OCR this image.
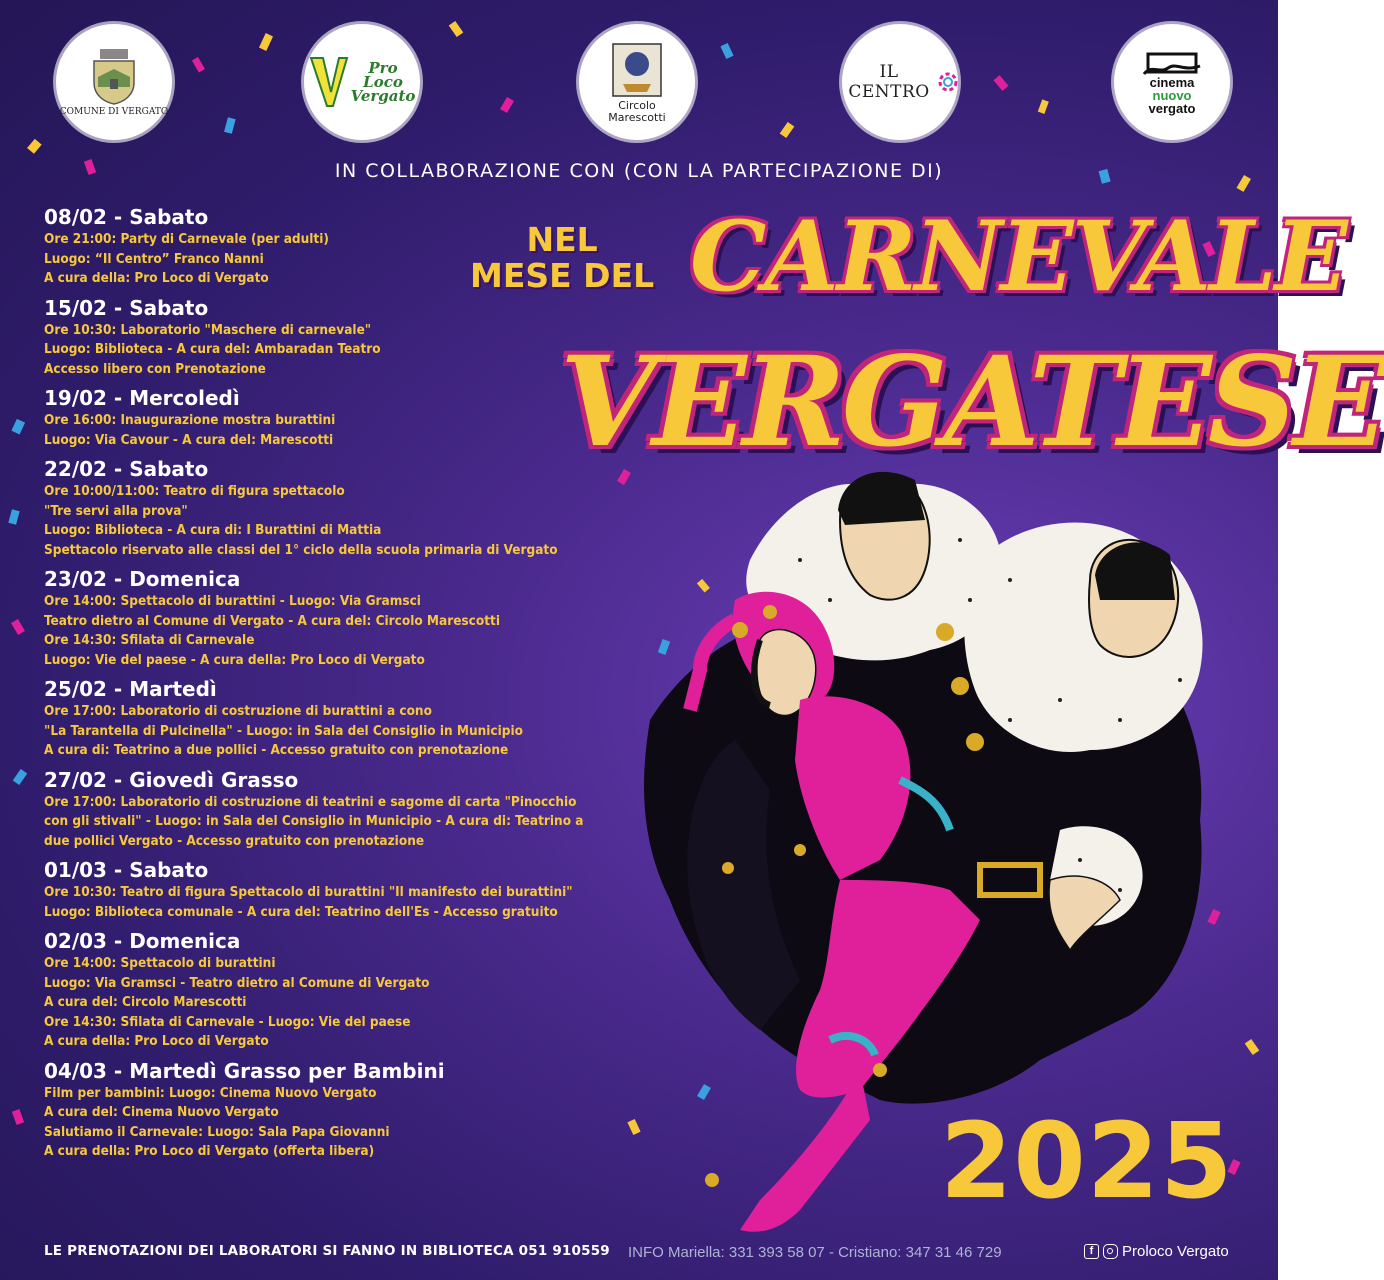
COMUNE DI VERGATO
Pro
Loco
Vergato
Circolo Marescotti
IL CENTRO	cinema
nuovo
vergato
IN COLLABORAZIONE CON (CON LA PARTECIPAZIONE DI)
NEL
MESE DEL CARNEVALE
VERGATESE
2025
08/02 - Sabato
Ore 21:00: Party di Carnevale (per adulti)
Luogo: “Il Centro” Franco Nanni
A cura della: Pro Loco di Vergato
15/02 - Sabato
Ore 10:30: Laboratorio "Maschere di carnevale"
Luogo: Biblioteca - A cura del: Ambaradan Teatro
Accesso libero con Prenotazione
19/02 - Mercoledì
Ore 16:00: Inaugurazione mostra burattini
Luogo: Via Cavour - A cura del: Marescotti
22/02 - Sabato
Ore 10:00/11:00: Teatro di figura spettacolo
"Tre servi alla prova"
Luogo: Biblioteca - A cura di: I Burattini di Mattia
Spettacolo riservato alle classi del 1° ciclo della scuola primaria di Vergato
23/02 - Domenica
Ore 14:00: Spettacolo di burattini - Luogo: Via Gramsci
Teatro dietro al Comune di Vergato - A cura del: Circolo Marescotti
Ore 14:30: Sfilata di Carnevale
Luogo: Vie del paese - A cura della: Pro Loco di Vergato
25/02 - Martedì
Ore 17:00: Laboratorio di costruzione di burattini a cono
"La Tarantella di Pulcinella" - Luogo: in Sala del Consiglio in Municipio
A cura di: Teatrino a due pollici - Accesso gratuito con prenotazione
27/02 - Giovedì Grasso
Ore 17:00: Laboratorio di costruzione di teatrini e sagome di carta "Pinocchio
con gli stivali" - Luogo: in Sala del Consiglio in Municipio - A cura di: Teatrino a
due pollici Vergato - Accesso gratuito con prenotazione
01/03 - Sabato
Ore 10:30: Teatro di figura Spettacolo di burattini "Il manifesto dei burattini"
Luogo: Biblioteca comunale - A cura del: Teatrino dell'Es - Accesso gratuito
02/03 - Domenica
Ore 14:00: Spettacolo di burattini
Luogo: Via Gramsci - Teatro dietro al Comune di Vergato
A cura del: Circolo Marescotti
Ore 14:30: Sfilata di Carnevale - Luogo: Vie del paese
A cura della: Pro Loco di Vergato
04/03 - Martedì Grasso per Bambini
Film per bambini: Luogo: Cinema Nuovo Vergato
A cura del: Cinema Nuovo Vergato
Salutiamo il Carnevale: Luogo: Sala Papa Giovanni
A cura della: Pro Loco di Vergato (offerta libera)
LE PRENOTAZIONI DEI LABORATORI SI FANNO IN BIBLIOTECA 051 910559 INFO Mariella: 331 393 58 07 - Cristiano: 347 31 46 729	f	Proloco Vergato
